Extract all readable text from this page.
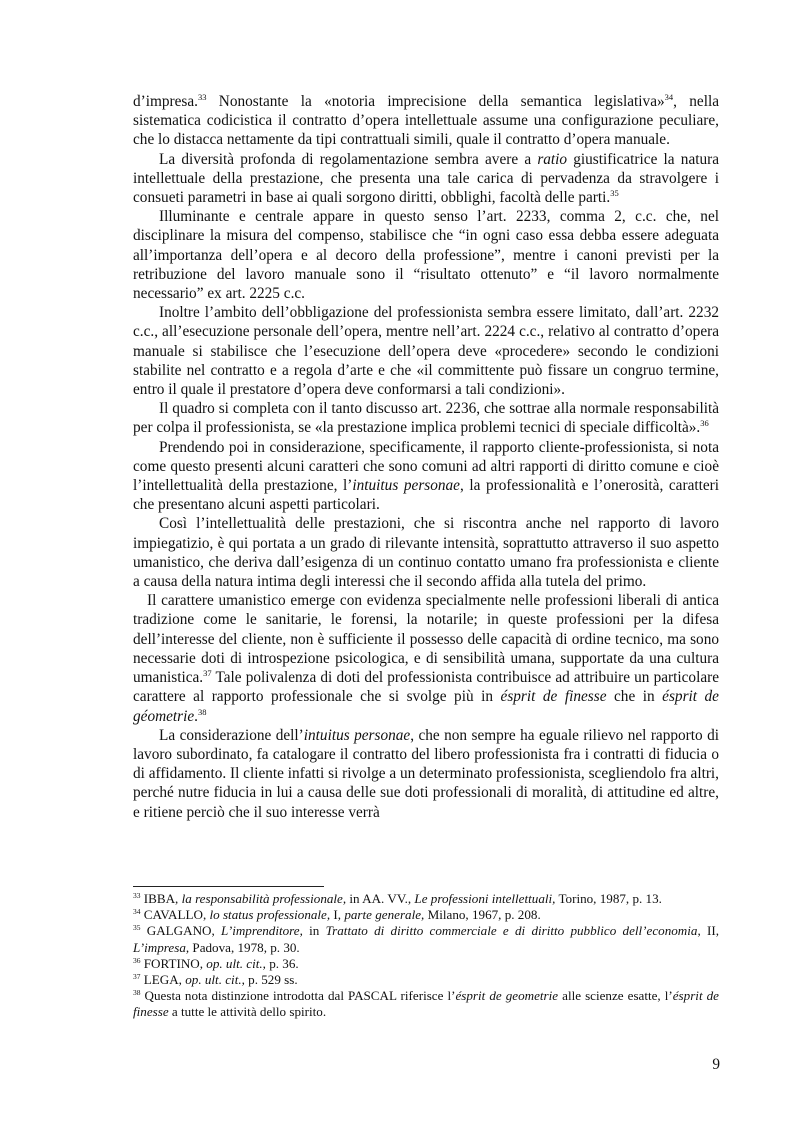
d’impresa.$^{33}$ Nonostante la «notoria imprecisione della semantica legislativa»$^{34}$, nella sistematica codicistica il contratto d’opera intellettuale assume una configurazione peculiare, che lo distacca nettamente da tipi contrattuali simili, quale il contratto d’opera manuale.

La diversità profonda di regolamentazione sembra avere a ratio giustificatrice la natura intellettuale della prestazione, che presenta una tale carica di pervadenza da stravolgere i consueti parametri in base ai quali sorgono diritti, obblighi, facoltà delle parti.$^{35}$

Illuminante e centrale appare in questo senso l’art. 2233, comma 2, c.c. che, nel disciplinare la misura del compenso, stabilisce che “in ogni caso essa debba essere adeguata all’importanza dell’opera e al decoro della professione”, mentre i canoni previsti per la retribuzione del lavoro manuale sono il “risultato ottenuto” e “il lavoro normalmente necessario” ex art. 2225 c.c.

Inoltre l’ambito dell’obbligazione del professionista sembra essere limitato, dall’art. 2232 c.c., all’esecuzione personale dell’opera, mentre nell’art. 2224 c.c., relativo al contratto d’opera manuale si stabilisce che l’esecuzione dell’opera deve «procedere» secondo le condizioni stabilite nel contratto e a regola d’arte e che «il committente può fissare un congruo termine, entro il quale il prestatore d’opera deve conformarsi a tali condizioni».

Il quadro si completa con il tanto discusso art. 2236, che sottrae alla normale responsabilità per colpa il professionista, se «la prestazione implica problemi tecnici di speciale difficoltà».$^{36}$

Prendendo poi in considerazione, specificamente, il rapporto cliente-professionista, si nota come questo presenti alcuni caratteri che sono comuni ad altri rapporti di diritto comune e cioè l’intellettualità della prestazione, l’intuitus personae, la professionalità e l’onerosità, caratteri che presentano alcuni aspetti particolari.

Così l’intellettualità delle prestazioni, che si riscontra anche nel rapporto di lavoro impiegatizio, è qui portata a un grado di rilevante intensità, soprattutto attraverso il suo aspetto umanistico, che deriva dall’esigenza di un continuo contatto umano fra professionista e cliente a causa della natura intima degli interessi che il secondo affida alla tutela del primo.

Il carattere umanistico emerge con evidenza specialmente nelle professioni liberali di antica tradizione come le sanitarie, le forensi, la notarile; in queste professioni per la difesa dell’interesse del cliente, non è sufficiente il possesso delle capacità di ordine tecnico, ma sono necessarie doti di introspezione psicologica, e di sensibilità umana, supportate da una cultura umanistica.$^{37}$ Tale polivalenza di doti del professionista contribuisce ad attribuire un particolare carattere al rapporto professionale che si svolge più in ésprit de finesse che in ésprit de géometrie.$^{38}$

La considerazione dell’intuitus personae, che non sempre ha eguale rilievo nel rapporto di lavoro subordinato, fa catalogare il contratto del libero professionista fra i contratti di fiducia o di affidamento. Il cliente infatti si rivolge a un determinato professionista, scegliendolo fra altri, perché nutre fiducia in lui a causa delle sue doti professionali di moralità, di attitudine ed altre, e ritiene perciò che il suo interesse verrà

$^{33}$ IBBA, la responsabilità professionale, in AA. VV., Le professioni intellettuali, Torino, 1987, p. 13.

$^{34}$ CAVALLO, lo status professionale, I, parte generale, Milano, 1967, p. 208.

$^{35}$ GALGANO, L’imprenditore, in Trattato di diritto commerciale e di diritto pubblico dell’economia, II, L’impresa, Padova, 1978, p. 30.

$^{36}$ FORTINO, op. ult. cit., p. 36.

$^{37}$ LEGA, op. ult. cit., p. 529 ss.

$^{38}$ Questa nota distinzione introdotta dal PASCAL riferisce l’ésprit de geometrie alle scienze esatte, l’ésprit de finesse a tutte le attività dello spirito.

9
